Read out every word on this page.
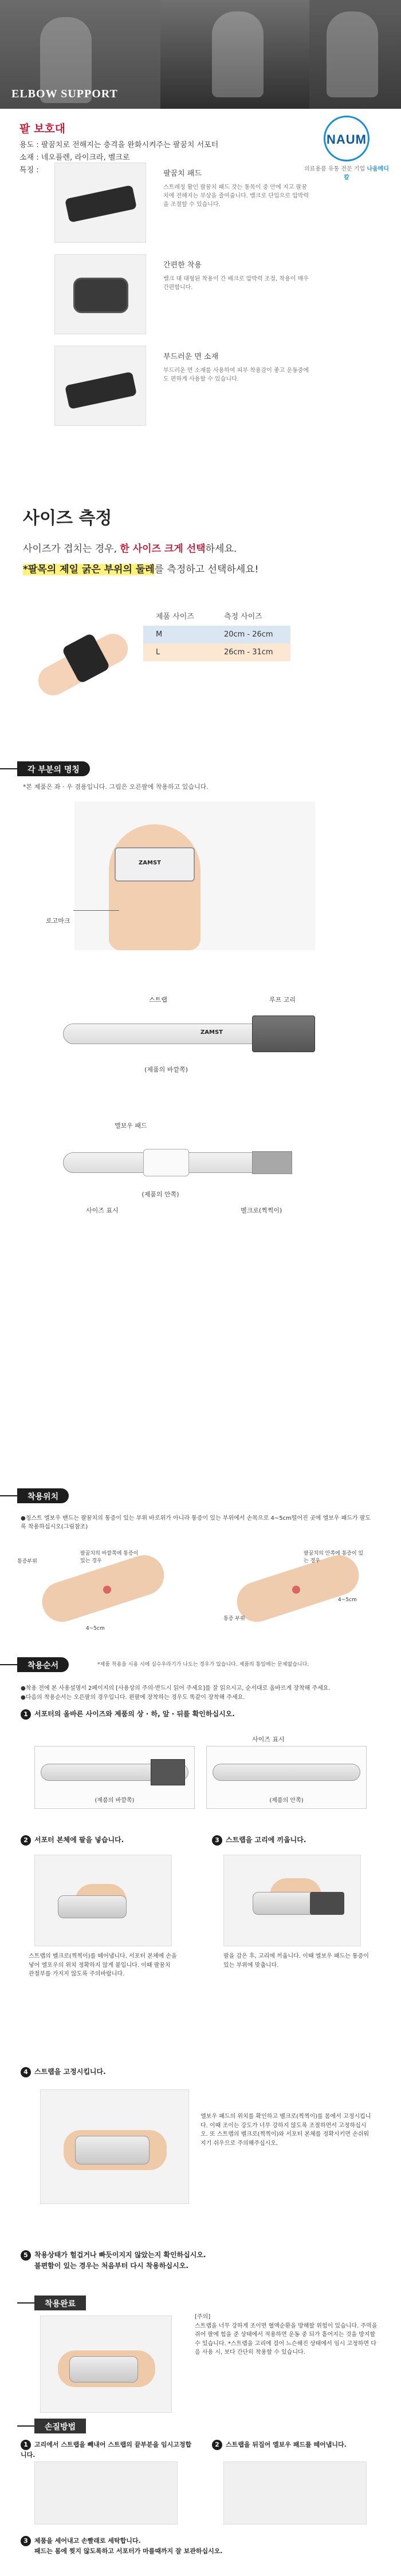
ELBOW SUPPORT
팔 보호대
NAUM
의료용품 유통 전문 기업 나움메디칼
용도 : 팔꿈치로 전해지는 충격을 완화시켜주는 팔꿈치 서포터
소재 : 네오플렌, 라이크라, 벨크로
특징 :	팔꿈치 패드
스트레칭 활인 팔꿈치 패드 갓는 통목이 중 안에 지고 팔꿈치에 전해지는 부상을 줄여줍니다. 밸크로 단입으로 압박력을 조절할 수 있습니다.
간편한 착용
밸크 대 대형된 착용이 간 배크로 압박력 조절, 착용이 매우 간편합니다.
부드러운 면 소재
부드러운 면 소재를 사용하여 피부 착용감이 좋고 운동중에도 편하게 사용할 수 있습니다.
사이즈 측정
사이즈가 겹치는 경우, 한 사이즈 크게 선택하세요.
*팔목의 제일 굵은 부위의 둘레를 측정하고 선택하세요!
제품 사이즈	측정 사이즈
M	20cm - 26cm
L	26cm - 31cm
각 부분의 명칭
*본 제품은 좌 · 우 겸용입니다. 그림은 오른팔에 착용하고 있습니다.
ZAMST
로고마크
스트랩	루프 고리
ZAMST
(제품의 바깥쪽)
엘보우 패드
(제품의 안쪽)
사이즈 표시	벨크로(찍찍이)
착용위치
●칭스트 엘보우 밴드는 팔꿈치의 통증이 있는 부위 바로위가 아니라 통증이 있는 부위에서 손목으로 4~5cm떨어진 곳에 엘보우 패드가 팔도록 착용하십시오(그림참조)
통증부위
팔꿈치의 바깥쪽에 통증이 있는 경우
4~5cm
팔꿈치의 안쪽에 통증이 있는 경우
통증 부위
4~5cm
착용순서	*제품 착용을 시용 시에 실수우라기가 나도는 경우가 있습니다. 제품의 통일에는 문제없습니다.
●착용 전에 본 사용설명서 2페이지의 [사용상의 주의·반드시 읽어 주세요]를 잘 읽으시고, 순서대로 올바르게 장착해 주세요.
●다음의 착용순서는 오른팔의 경우입니다. 왼팔에 장착하는 경우도 똑같이 장착해 주세요.
1 서포터의 올바른 사이즈와 제품의 상 · 하, 앞 · 뒤를 확인하십시오.
사이즈 표시
(제품의 바깥쪽)	(제품의 안쪽)
2 서포터 본체에 팔을 넣습니다.	3 스트랩을 고리에 끼웁니다.
스트랩의 벨크로(찍찍이)를 떼어냅니다. 서포터 본체에 손을 넣어 엘포우의 위치 정확하지 않게 붙입니다. 이때 팔꿈치 관절부를 가지지 않도록 주의바랍니다.
팔을 감은 후, 고리에 끼웁니다. 이때 엘보우 패드는 통증이 있는 부위에 맞춥니다.
4 스트랩을 고정시킵니다.
엘보우 패드의 위치를 확인하고 벨크로(찍찍이)를 몸에서 고정시킵니다. 이때 조이는 강도가 너무 강하지 않도록 조절하면서 고정하십시오. 또 스트랩의 벨크로(찍찍이)와 서포터 본체를 정확시키면 손쉬워지기 쉬우므로 주의해주십시오.
5 착용상태가 헐겁거나 빠듯이지지 않았는지 확인하십시오.
불편함이 있는 경우는 처음부터 다시 착용하십시오.
착용완료
[주의]
스트랩을 너무 강하게 조이면 혈액순환을 방해할 위험이 있습니다. 주먹을 쥐어 팔에 힘을 준 상태에서 적용하면 운동 중 되가 흩어지는 것을 방지할 수 있습니다. *스트랩을 고리에 걸어 느슨해진 상태에서 임시 고정하면 다음 사용 시, 보다 간단히 착용할 수 있습니다.
손질방법
1 고리에서 스트랩을 빼내어 스트랩의 끝부분을 임시고정합니다.
2 스트랩을 뒤집어 엘보우 패드를 떼어냅니다.
3 제품을 세어내고 손빨래로 세탁합니다.
패드는 몸에 찢지 않도록하고 서포터가 마를때까지 잘 보관하십시오.
